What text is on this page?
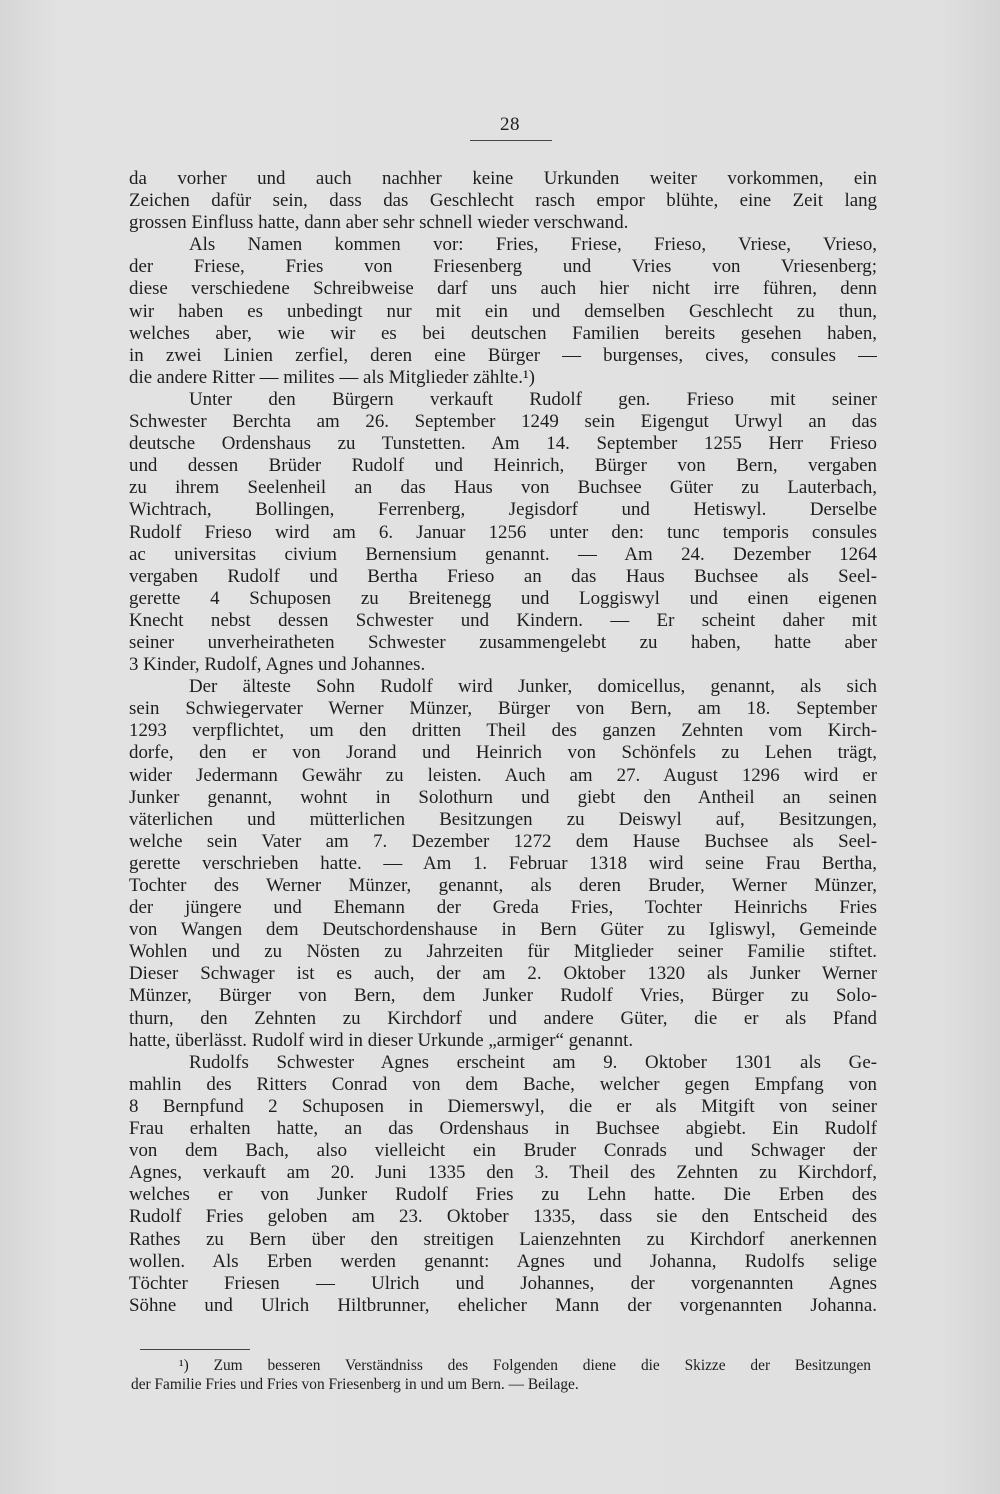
28
da vorher und auch nachher keine Urkunden weiter vorkommen, ein
Zeichen dafür sein, dass das Geschlecht rasch empor blühte, eine Zeit lang
grossen Einfluss hatte, dann aber sehr schnell wieder verschwand.
Als Namen kommen vor: Fries, Friese, Frieso, Vriese, Vrieso,
der Friese, Fries von Friesenberg und Vries von Vriesenberg;
diese verschiedene Schreibweise darf uns auch hier nicht irre führen, denn
wir haben es unbedingt nur mit ein und demselben Geschlecht zu thun,
welches aber, wie wir es bei deutschen Familien bereits gesehen haben,
in zwei Linien zerfiel, deren eine Bürger — burgenses, cives, consules —
die andere Ritter — milites — als Mitglieder zählte.¹)
Unter den Bürgern verkauft Rudolf gen. Frieso mit seiner
Schwester Berchta am 26. September 1249 sein Eigengut Urwyl an das
deutsche Ordenshaus zu Tunstetten. Am 14. September 1255 Herr Frieso
und dessen Brüder Rudolf und Heinrich, Bürger von Bern, vergaben
zu ihrem Seelenheil an das Haus von Buchsee Güter zu Lauterbach,
Wichtrach, Bollingen, Ferrenberg, Jegisdorf und Hetiswyl. Derselbe
Rudolf Frieso wird am 6. Januar 1256 unter den: tunc temporis consules
ac universitas civium Bernensium genannt. — Am 24. Dezember 1264
vergaben Rudolf und Bertha Frieso an das Haus Buchsee als Seel-
gerette 4 Schuposen zu Breitenegg und Loggiswyl und einen eigenen
Knecht nebst dessen Schwester und Kindern. — Er scheint daher mit
seiner unverheiratheten Schwester zusammengelebt zu haben, hatte aber
3 Kinder, Rudolf, Agnes und Johannes.
Der älteste Sohn Rudolf wird Junker, domicellus, genannt, als sich
sein Schwiegervater Werner Münzer, Bürger von Bern, am 18. September
1293 verpflichtet, um den dritten Theil des ganzen Zehnten vom Kirch-
dorfe, den er von Jorand und Heinrich von Schönfels zu Lehen trägt,
wider Jedermann Gewähr zu leisten. Auch am 27. August 1296 wird er
Junker genannt, wohnt in Solothurn und giebt den Antheil an seinen
väterlichen und mütterlichen Besitzungen zu Deiswyl auf, Besitzungen,
welche sein Vater am 7. Dezember 1272 dem Hause Buchsee als Seel-
gerette verschrieben hatte. — Am 1. Februar 1318 wird seine Frau Bertha,
Tochter des Werner Münzer, genannt, als deren Bruder, Werner Münzer,
der jüngere und Ehemann der Greda Fries, Tochter Heinrichs Fries
von Wangen dem Deutschordenshause in Bern Güter zu Igliswyl, Gemeinde
Wohlen und zu Nösten zu Jahrzeiten für Mitglieder seiner Familie stiftet.
Dieser Schwager ist es auch, der am 2. Oktober 1320 als Junker Werner
Münzer, Bürger von Bern, dem Junker Rudolf Vries, Bürger zu Solo-
thurn, den Zehnten zu Kirchdorf und andere Güter, die er als Pfand
hatte, überlässt. Rudolf wird in dieser Urkunde „armiger“ genannt.
Rudolfs Schwester Agnes erscheint am 9. Oktober 1301 als Ge-
mahlin des Ritters Conrad von dem Bache, welcher gegen Empfang von
8 Bernpfund 2 Schuposen in Diemerswyl, die er als Mitgift von seiner
Frau erhalten hatte, an das Ordenshaus in Buchsee abgiebt. Ein Rudolf
von dem Bach, also vielleicht ein Bruder Conrads und Schwager der
Agnes, verkauft am 20. Juni 1335 den 3. Theil des Zehnten zu Kirchdorf,
welches er von Junker Rudolf Fries zu Lehn hatte. Die Erben des
Rudolf Fries geloben am 23. Oktober 1335, dass sie den Entscheid des
Rathes zu Bern über den streitigen Laienzehnten zu Kirchdorf anerkennen
wollen. Als Erben werden genannt: Agnes und Johanna, Rudolfs selige
Töchter Friesen — Ulrich und Johannes, der vorgenannten Agnes
Söhne und Ulrich Hiltbrunner, ehelicher Mann der vorgenannten Johanna.
¹) Zum besseren Verständniss des Folgenden diene die Skizze der Besitzungen
der Familie Fries und Fries von Friesenberg in und um Bern. — Beilage.
